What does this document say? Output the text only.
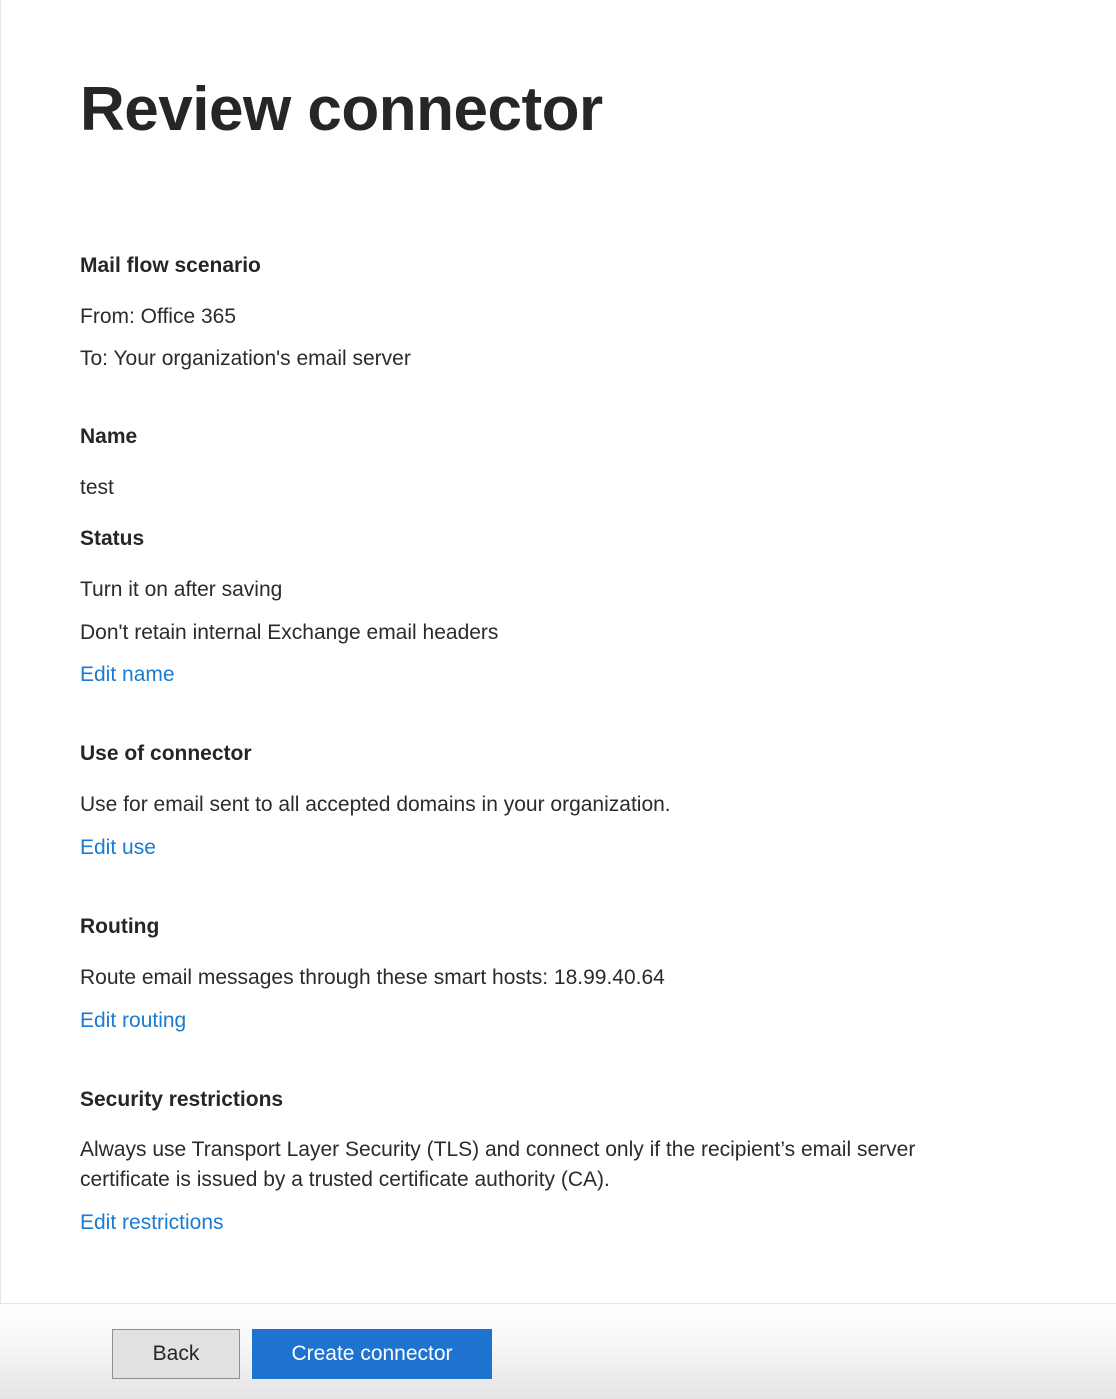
Review connector
Mail flow scenario

From: Office 365

To: Your organization's email server

Name

test

Status

Turn it on after saving

Don't retain internal Exchange email headers

Edit name
Use of connector

Use for email sent to all accepted domains in your organization.

Edit use
Routing

Route email messages through these smart hosts: 18.99.40.64

Edit routing
Security restrictions

Always use Transport Layer Security (TLS) and connect only if the recipient’s email server

certificate is issued by a trusted certificate authority (CA).

Edit restrictions
Back	Create connector
